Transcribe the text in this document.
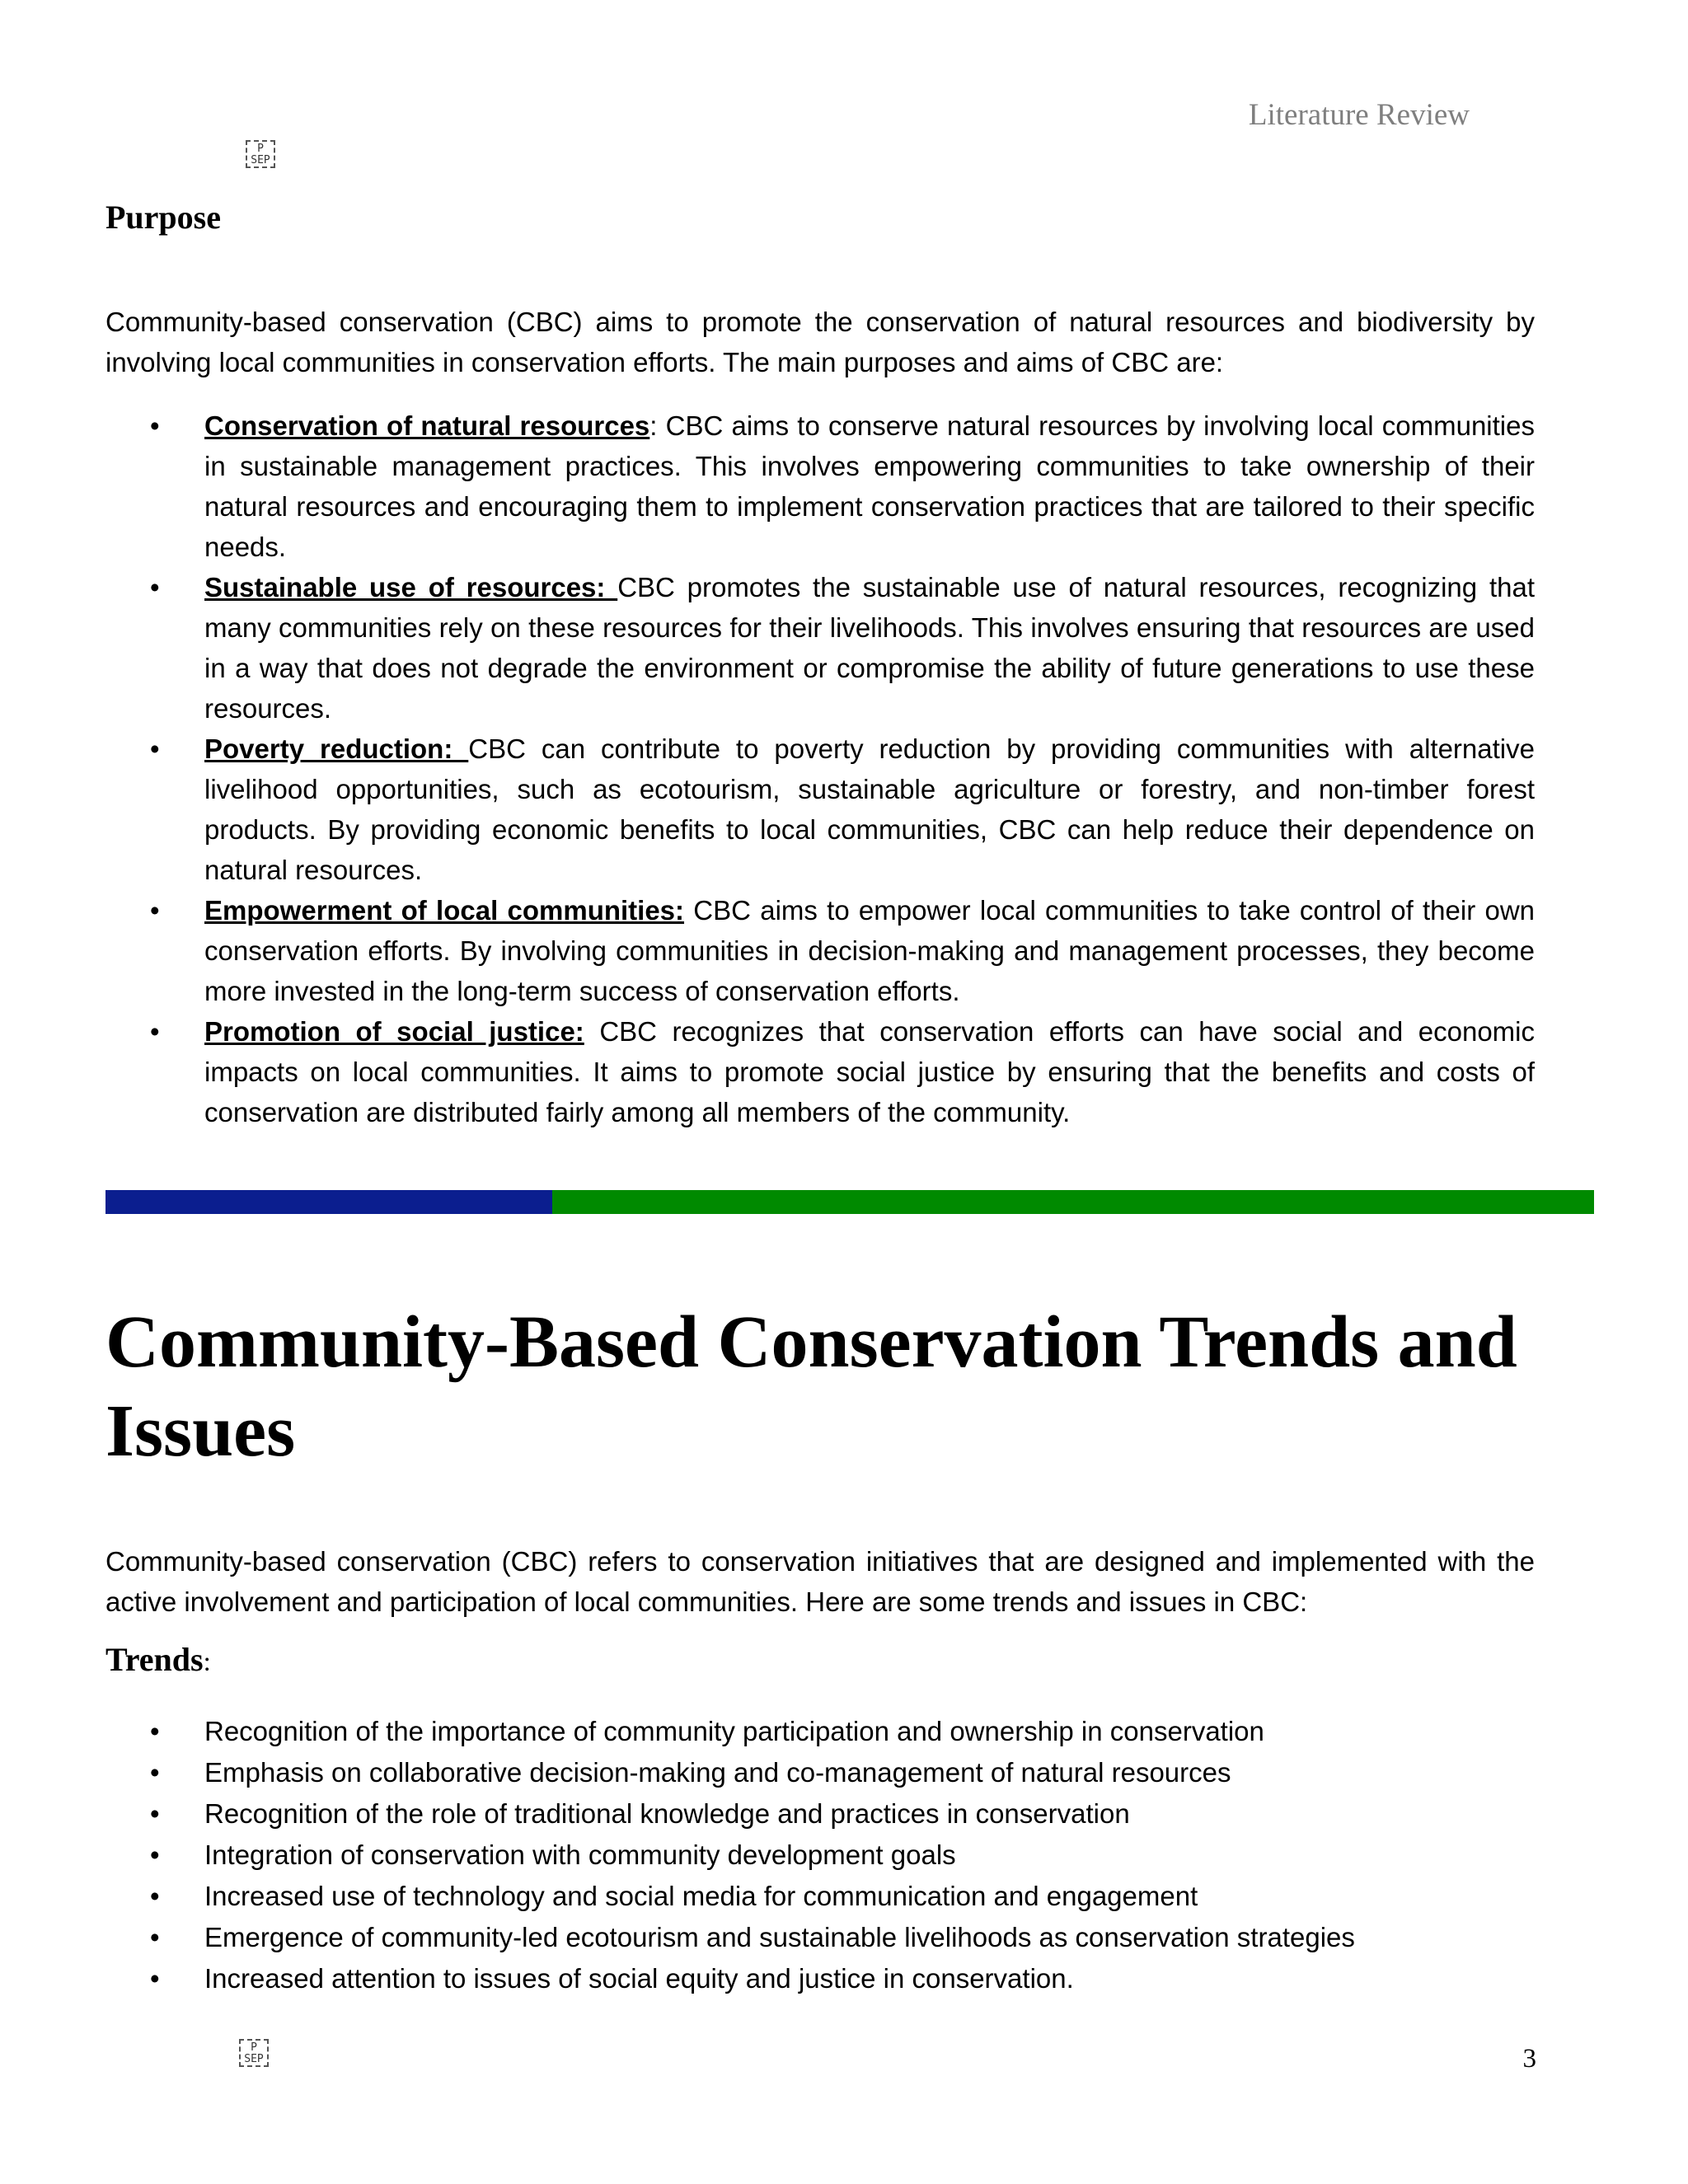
Literature Review
P
SEP
Purpose

Community-based conservation (CBC) aims to promote the conservation of natural resources and biodiversity by involving local communities in conservation efforts. The main purposes and aims of CBC are:

• Conservation of natural resources: CBC aims to conserve natural resources by involving local communities in sustainable management practices. This involves empowering communities to take ownership of their natural resources and encouraging them to implement conservation practices that are tailored to their specific needs.
• Sustainable use of resources: CBC promotes the sustainable use of natural resources, recognizing that many communities rely on these resources for their livelihoods. This involves ensuring that resources are used in a way that does not degrade the environment or compromise the ability of future generations to use these resources.
• Poverty reduction: CBC can contribute to poverty reduction by providing communities with alternative livelihood opportunities, such as ecotourism, sustainable agriculture or forestry, and non-timber forest products. By providing economic benefits to local communities, CBC can help reduce their dependence on natural resources.
• Empowerment of local communities: CBC aims to empower local communities to take control of their own conservation efforts. By involving communities in decision-making and management processes, they become more invested in the long-term success of conservation efforts.
• Promotion of social justice: CBC recognizes that conservation efforts can have social and economic impacts on local communities. It aims to promote social justice by ensuring that the benefits and costs of conservation are distributed fairly among all members of the community.
Community-Based Conservation Trends and Issues

Community-based conservation (CBC) refers to conservation initiatives that are designed and implemented with the active involvement and participation of local communities. Here are some trends and issues in CBC:

Trends:
• Recognition of the importance of community participation and ownership in conservation
• Emphasis on collaborative decision-making and co-management of natural resources
• Recognition of the role of traditional knowledge and practices in conservation
• Integration of conservation with community development goals
• Increased use of technology and social media for communication and engagement
• Emergence of community-led ecotourism and sustainable livelihoods as conservation strategies
• Increased attention to issues of social equity and justice in conservation.
P
SEP	3
